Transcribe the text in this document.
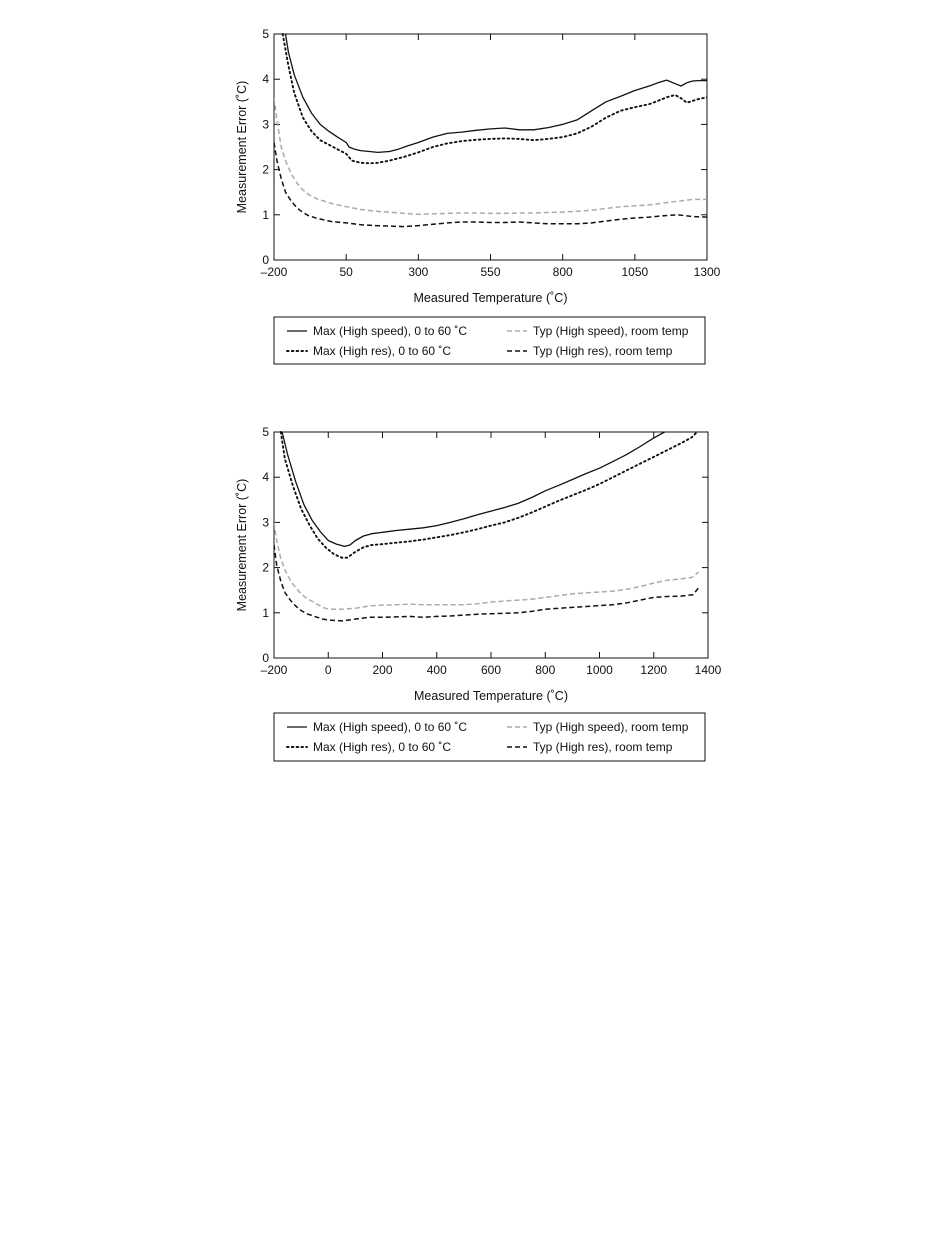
–200	50	300	550	800	1050	1300
0
1
2
3
4
5
Measured Temperature (˚C)
Measurement Error (˚C)
Max (High speed), 0 to 60 ˚C
Max (High res), 0 to 60 ˚C
Typ (High speed), room temp
Typ (High res), room temp
–200	0	200	400	600	800	1000 1200 1400
0
1
2
3
4
5
Measured Temperature (˚C)
Measurement Error (˚C)
Max (High speed), 0 to 60 ˚C
Max (High res), 0 to 60 ˚C
Typ (High speed), room temp
Typ (High res), room temp
